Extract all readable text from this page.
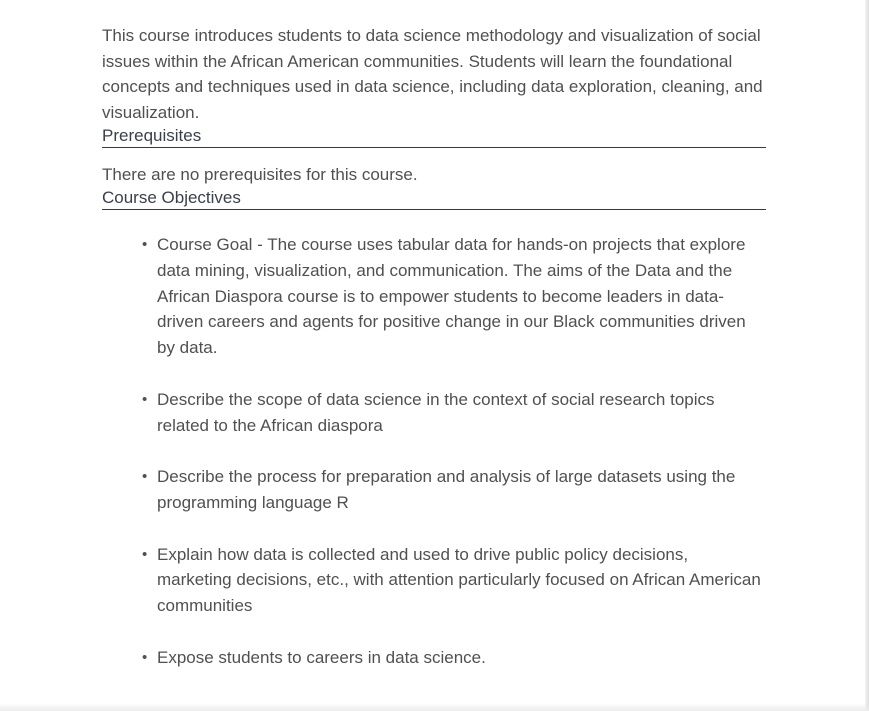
This course introduces students to data science methodology and visualization of social issues within the African American communities. Students will learn the foundational concepts and techniques used in data science, including data exploration, cleaning, and visualization.

Prerequisites

There are no prerequisites for this course.

Course Objectives
• Course Goal - The course uses tabular data for hands-on projects that explore data mining, visualization, and communication. The aims of the Data and the African Diaspora course is to empower students to become leaders in data-driven careers and agents for positive change in our Black communities driven by data.
• Describe the scope of data science in the context of social research topics related to the African diaspora
• Describe the process for preparation and analysis of large datasets using the programming language R
• Explain how data is collected and used to drive public policy decisions, marketing decisions, etc., with attention particularly focused on African American communities
• Expose students to careers in data science.
